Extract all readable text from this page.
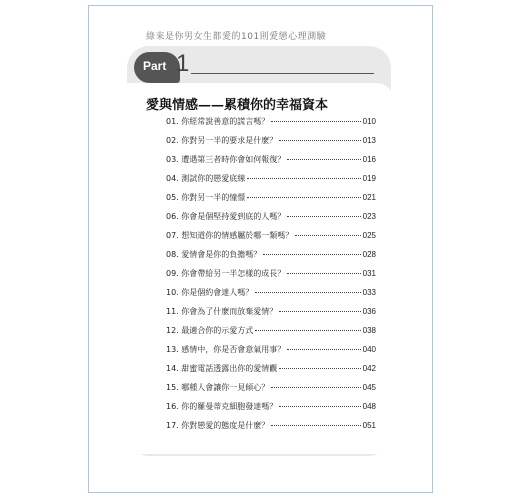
綠來是你男女生都愛的101則愛戀心理測驗
Part 1
愛與情感——累積你的幸福資本
01. 你經常說善意的謊言嗎？	010
02. 你對另一半的要求是什麼？	013
03. 遭遇第三者時你會如何報復？	016
04. 測試你的戀愛底線	019
05. 你對另一半的憧憬	021
06. 你會是個堅持愛到底的人嗎？	023
07. 想知道你的情感屬於哪一類嗎？	025
08. 愛情會是你的負擔嗎？	028
09. 你會帶給另一半怎樣的成長？	031
10. 你是個約會達人嗎？	033
11. 你會為了什麼而放棄愛情？	036
12. 最適合你的示愛方式	038
13. 感情中，你是否會意氣用事？	040
14. 甜蜜電話透露出你的愛情觀	042
15. 哪種人會讓你一見傾心？	045
16. 你的羅曼蒂克細胞發達嗎？	048
17. 你對戀愛的態度是什麼？	051
